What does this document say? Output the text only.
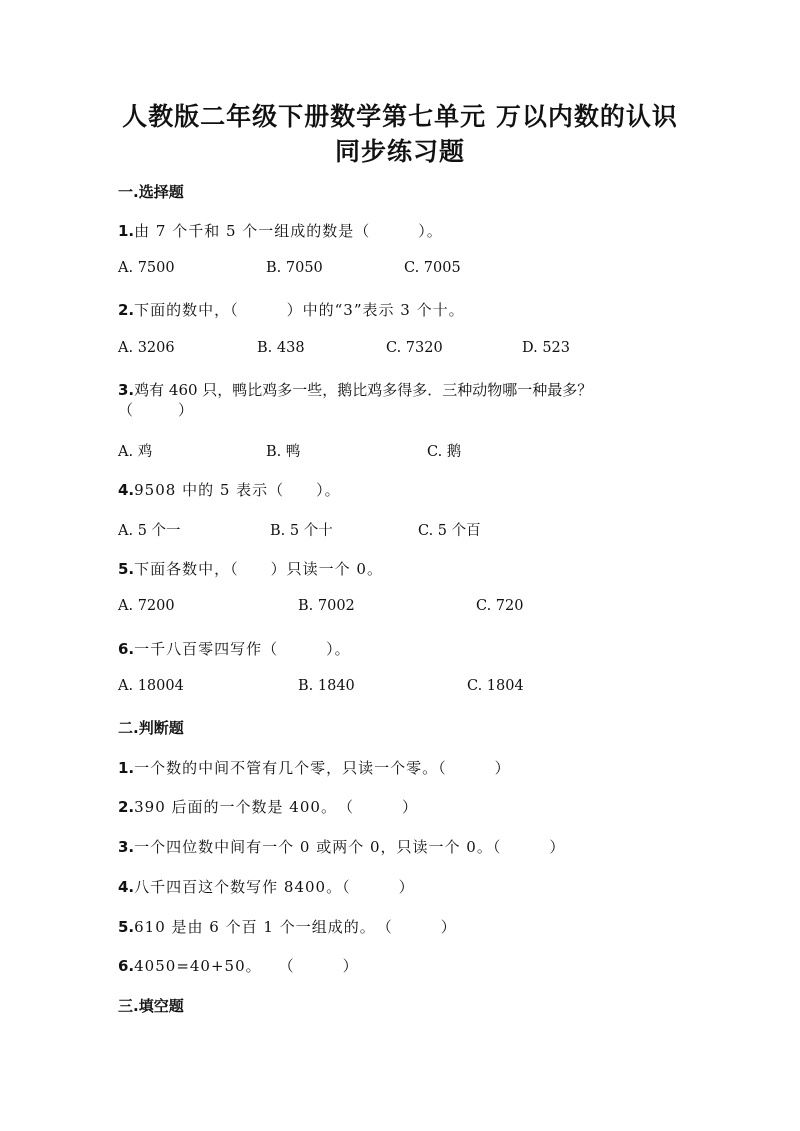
人教版二年级下册数学第七单元 万以内数的认识
同步练习题
一.选择题
1.由 7 个千和 5 个一组成的数是（　　　）。
A. 7500	B. 7050	C. 7005
2.下面的数中，（　　　）中的“3”表示 3 个十。
A. 3206	B. 438	C. 7320	D. 523
3.鸡有 460 只，鸭比鸡多一些，鹅比鸡多得多．三种动物哪一种最多？（　　　）
A. 鸡	B. 鸭	C. 鹅
4.9508 中的 5 表示（　　）。
A. 5 个一	B. 5 个十	C. 5 个百
5.下面各数中，（　　）只读一个 0。
A. 7200	B. 7002	C. 720
6.一千八百零四写作（　　　）。
A. 18004	B. 1840	C. 1804
二.判断题
1.一个数的中间不管有几个零，只读一个零。（　　　）
2.390 后面的一个数是 400。　（　　　）
3.一个四位数中间有一个 0 或两个 0，只读一个 0。（　　　）
4.八千四百这个数写作 8400。（　　　）
5.610 是由 6 个百 1 个一组成的。　（　　　）
6.4050=40+50。　　（　　　）
三.填空题
